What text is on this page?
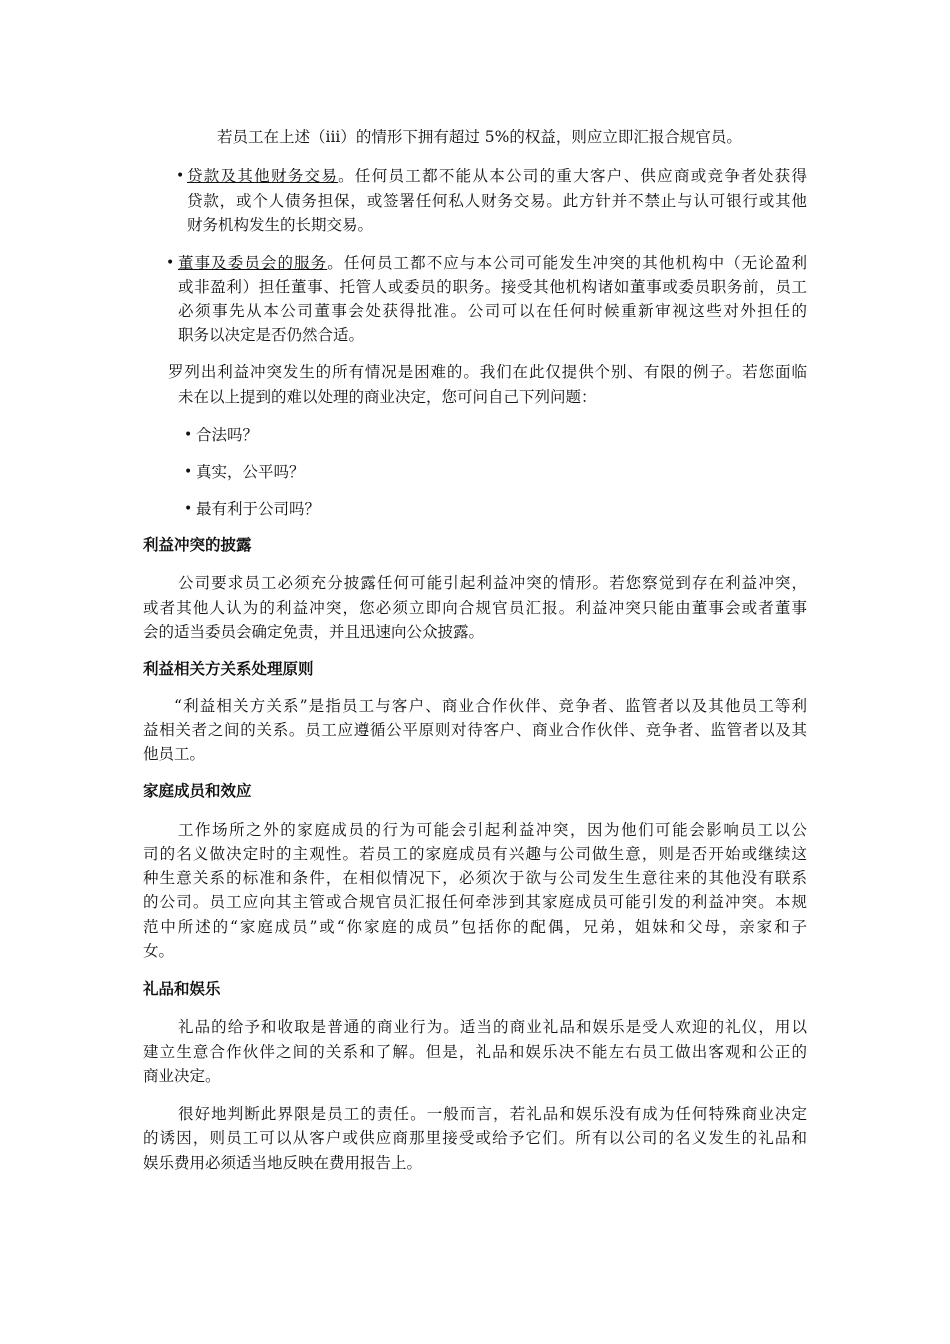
若员工在上述（iii）的情形下拥有超过 5%的权益，则应立即汇报合规官员。
• 贷款及其他财务交易。任何员工都不能从本公司的重大客户、供应商或竞争者处获得
贷款，或个人债务担保，或签署任何私人财务交易。此方针并不禁止与认可银行或其他
财务机构发生的长期交易。
• 董事及委员会的服务。任何员工都不应与本公司可能发生冲突的其他机构中（无论盈利
或非盈利）担任董事、托管人或委员的职务。接受其他机构诸如董事或委员职务前，员工
必须事先从本公司董事会处获得批准。公司可以在任何时候重新审视这些对外担任的
职务以决定是否仍然合适。
罗列出利益冲突发生的所有情况是困难的。我们在此仅提供个别、有限的例子。若您面临
未在以上提到的难以处理的商业决定，您可问自己下列问题：
• 合法吗？
• 真实，公平吗？
• 最有利于公司吗？
利益冲突的披露
公司要求员工必须充分披露任何可能引起利益冲突的情形。若您察觉到存在利益冲突，
或者其他人认为的利益冲突，您必须立即向合规官员汇报。利益冲突只能由董事会或者董事
会的适当委员会确定免责，并且迅速向公众披露。
利益相关方关系处理原则
“利益相关方关系”是指员工与客户、商业合作伙伴、竞争者、监管者以及其他员工等利
益相关者之间的关系。员工应遵循公平原则对待客户、商业合作伙伴、竞争者、监管者以及其
他员工。
家庭成员和效应
工作场所之外的家庭成员的行为可能会引起利益冲突，因为他们可能会影响员工以公
司的名义做决定时的主观性。若员工的家庭成员有兴趣与公司做生意，则是否开始或继续这
种生意关系的标准和条件，在相似情况下，必须次于欲与公司发生生意往来的其他没有联系
的公司。员工应向其主管或合规官员汇报任何牵涉到其家庭成员可能引发的利益冲突。本规
范中所述的“家庭成员”或“你家庭的成员”包括你的配偶，兄弟，姐妹和父母，亲家和子
女。
礼品和娱乐
礼品的给予和收取是普通的商业行为。适当的商业礼品和娱乐是受人欢迎的礼仪，用以
建立生意合作伙伴之间的关系和了解。但是，礼品和娱乐决不能左右员工做出客观和公正的
商业决定。
很好地判断此界限是员工的责任。一般而言，若礼品和娱乐没有成为任何特殊商业决定
的诱因，则员工可以从客户或供应商那里接受或给予它们。所有以公司的名义发生的礼品和
娱乐费用必须适当地反映在费用报告上。
